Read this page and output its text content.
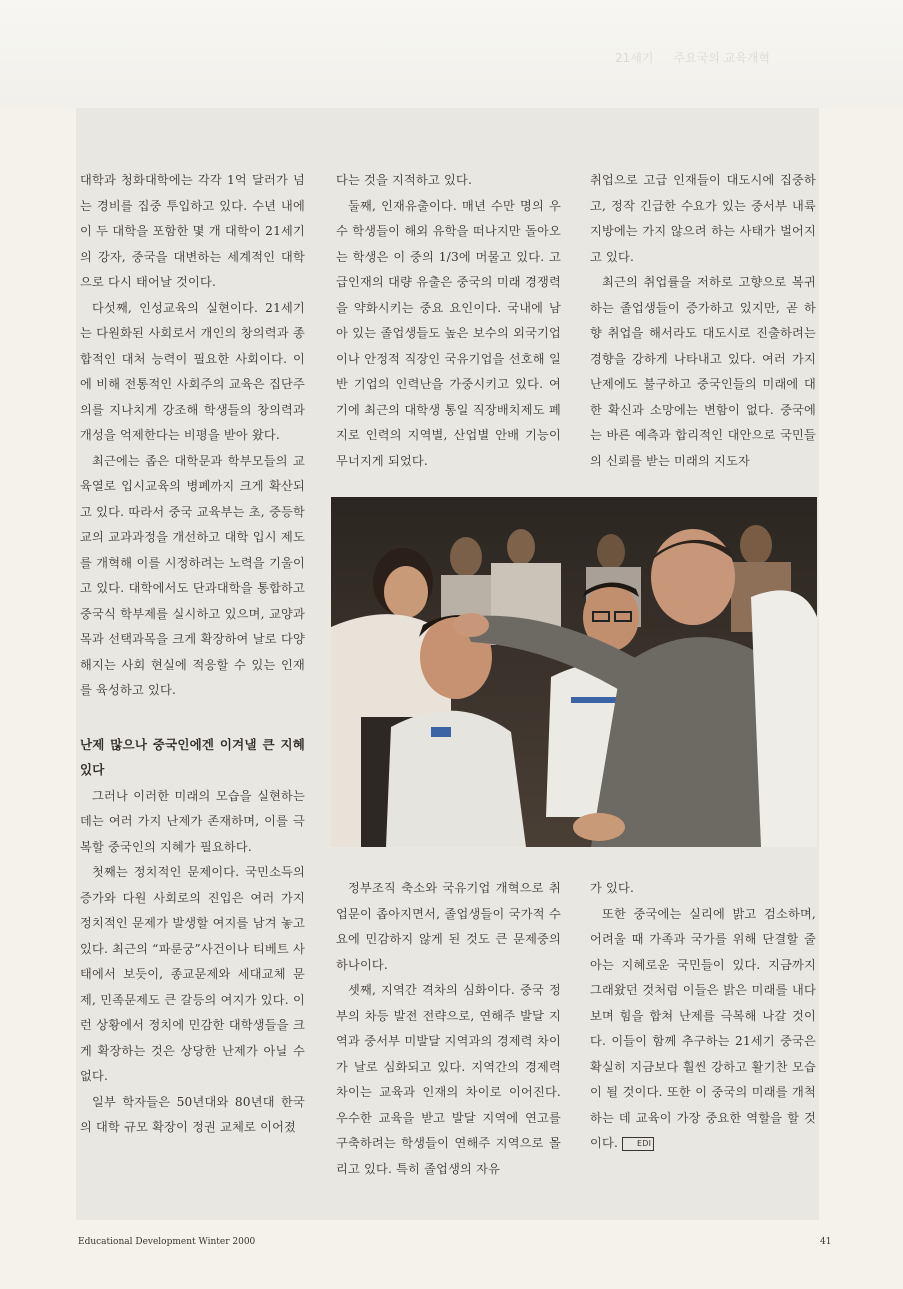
21세기 주요국의 교육개혁

대학과 청화대학에는 각각 1억 달러가 넘는 경비를 집중 투입하고 있다. 수년 내에 이 두 대학을 포함한 몇 개 대학이 21세기의 강자, 중국을 대변하는 세계적인 대학으로 다시 태어날 것이다.

다섯째, 인성교육의 실현이다. 21세기는 다원화된 사회로서 개인의 창의력과 종합적인 대처 능력이 필요한 사회이다. 이에 비해 전통적인 사회주의 교육은 집단주의를 지나치게 강조해 학생들의 창의력과 개성을 억제한다는 비평을 받아 왔다.

최근에는 좁은 대학문과 학부모들의 교육열로 입시교육의 병폐까지 크게 확산되고 있다. 따라서 중국 교육부는 초, 중등학교의 교과과정을 개선하고 대학 입시 제도를 개혁해 이를 시정하려는 노력을 기울이고 있다. 대학에서도 단과대학을 통합하고 중국식 학부제를 실시하고 있으며, 교양과목과 선택과목을 크게 확장하여 날로 다양해지는 사회 현실에 적응할 수 있는 인재를 육성하고 있다.

난제 많으나 중국인에겐 이겨낼 큰 지혜 있다

그러나 이러한 미래의 모습을 실현하는 데는 여러 가지 난제가 존재하며, 이를 극복할 중국인의 지혜가 필요하다.

첫째는 정치적인 문제이다. 국민소득의 증가와 다원 사회로의 진입은 여러 가지 정치적인 문제가 발생할 여지를 남겨 놓고 있다. 최근의 “파룬궁”사건이나 티베트 사태에서 보듯이, 종교문제와 세대교체 문제, 민족문제도 큰 갈등의 여지가 있다. 이런 상황에서 정치에 민감한 대학생들을 크게 확장하는 것은 상당한 난제가 아닐 수 없다.

일부 학자들은 50년대와 80년대 한국의 대학 규모 확장이 정권 교체로 이어졌

다는 것을 지적하고 있다.

둘째, 인재유출이다. 매년 수만 명의 우수 학생들이 해외 유학을 떠나지만 돌아오는 학생은 이 중의 1/3에 머물고 있다. 고급인재의 대량 유출은 중국의 미래 경쟁력을 약화시키는 중요 요인이다. 국내에 남아 있는 졸업생들도 높은 보수의 외국기업이나 안정적 직장인 국유기업을 선호해 일반 기업의 인력난을 가중시키고 있다. 여기에 최근의 대학생 통일 직장배치제도 폐지로 인력의 지역별, 산업별 안배 기능이 무너지게 되었다.

취업으로 고급 인재들이 대도시에 집중하고, 정작 긴급한 수요가 있는 중서부 내륙 지방에는 가지 않으려 하는 사태가 벌어지고 있다.

최근의 취업률을 저하로 고향으로 복귀하는 졸업생들이 증가하고 있지만, 곧 하향 취업을 해서라도 대도시로 진출하려는 경향을 강하게 나타내고 있다. 여러 가지 난제에도 불구하고 중국인들의 미래에 대한 확신과 소망에는 변함이 없다. 중국에는 바른 예측과 합리적인 대안으로 국민들의 신뢰를 받는 미래의 지도자

정부조직 축소와 국유기업 개혁으로 취업문이 좁아지면서, 졸업생들이 국가적 수요에 민감하지 않게 된 것도 큰 문제중의 하나이다.

셋째, 지역간 격차의 심화이다. 중국 정부의 차등 발전 전략으로, 연해주 발달 지역과 중서부 미발달 지역과의 경제력 차이가 날로 심화되고 있다. 지역간의 경제력 차이는 교육과 인재의 차이로 이어진다. 우수한 교육을 받고 발달 지역에 연고를 구축하려는 학생들이 연해주 지역으로 몰리고 있다. 특히 졸업생의 자유

가 있다.

또한 중국에는 실리에 밝고 검소하며, 어려울 때 가족과 국가를 위해 단결할 줄 아는 지혜로운 국민들이 있다. 지금까지 그래왔던 것처럼 이들은 밝은 미래를 내다보며 힘을 합쳐 난제를 극복해 나갈 것이다. 이들이 함께 추구하는 21세기 중국은 확실히 지금보다 훨씬 강하고 활기찬 모습이 될 것이다. 또한 이 중국의 미래를 개척하는 데 교육이 가장 중요한 역할을 할 것이다. EDI

Educational Development Winter 2000	41
